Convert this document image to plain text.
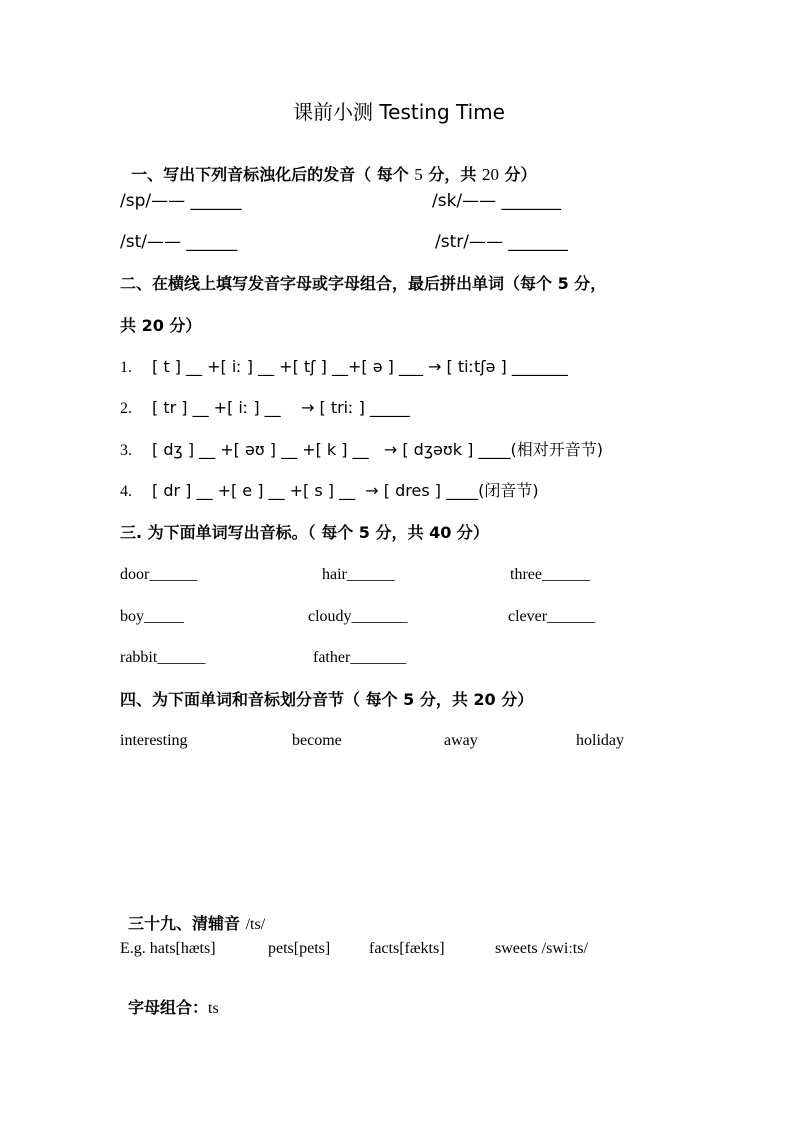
课前小测 Testing Time

一、写出下列音标浊化后的发音（ 每个 5 分，共 20 分）

/sp/—— ______	/sk/—— _______
/st/—— ______	/str/—— _______
二、在横线上填写发音字母或字母组合，最后拼出单词（每个 5 分，
共 20 分）
1. [ t ] __ +[ iː ] __ +[ tʃ ] __+[ ə ] ___ → [ tiːtʃə ] _______
2. [ tr ] __ +[ iː ] __    → [ triː ] _____
3. [ dʒ ] __ +[ əʊ ] __ +[ k ] __   → [ dʒəʊk ] ____(相对开音节)
4. [ dr ] __ +[ e ] __ +[ s ] __  → [ dres ] ____(闭音节)
三. 为下面单词写出音标。（ 每个 5 分，共 40 分）
door______	hair______	three______
boy_____	cloudy_______	clever______
rabbit______	father_______
四、为下面单词和音标划分音节（ 每个 5 分，共 20 分）
interesting	become	away	holiday

三十九、清辅音 /ts/

E.g. hats[hæts]	pets[pets] facts[fækts]	sweets /swiːts/

字母组合：ts
